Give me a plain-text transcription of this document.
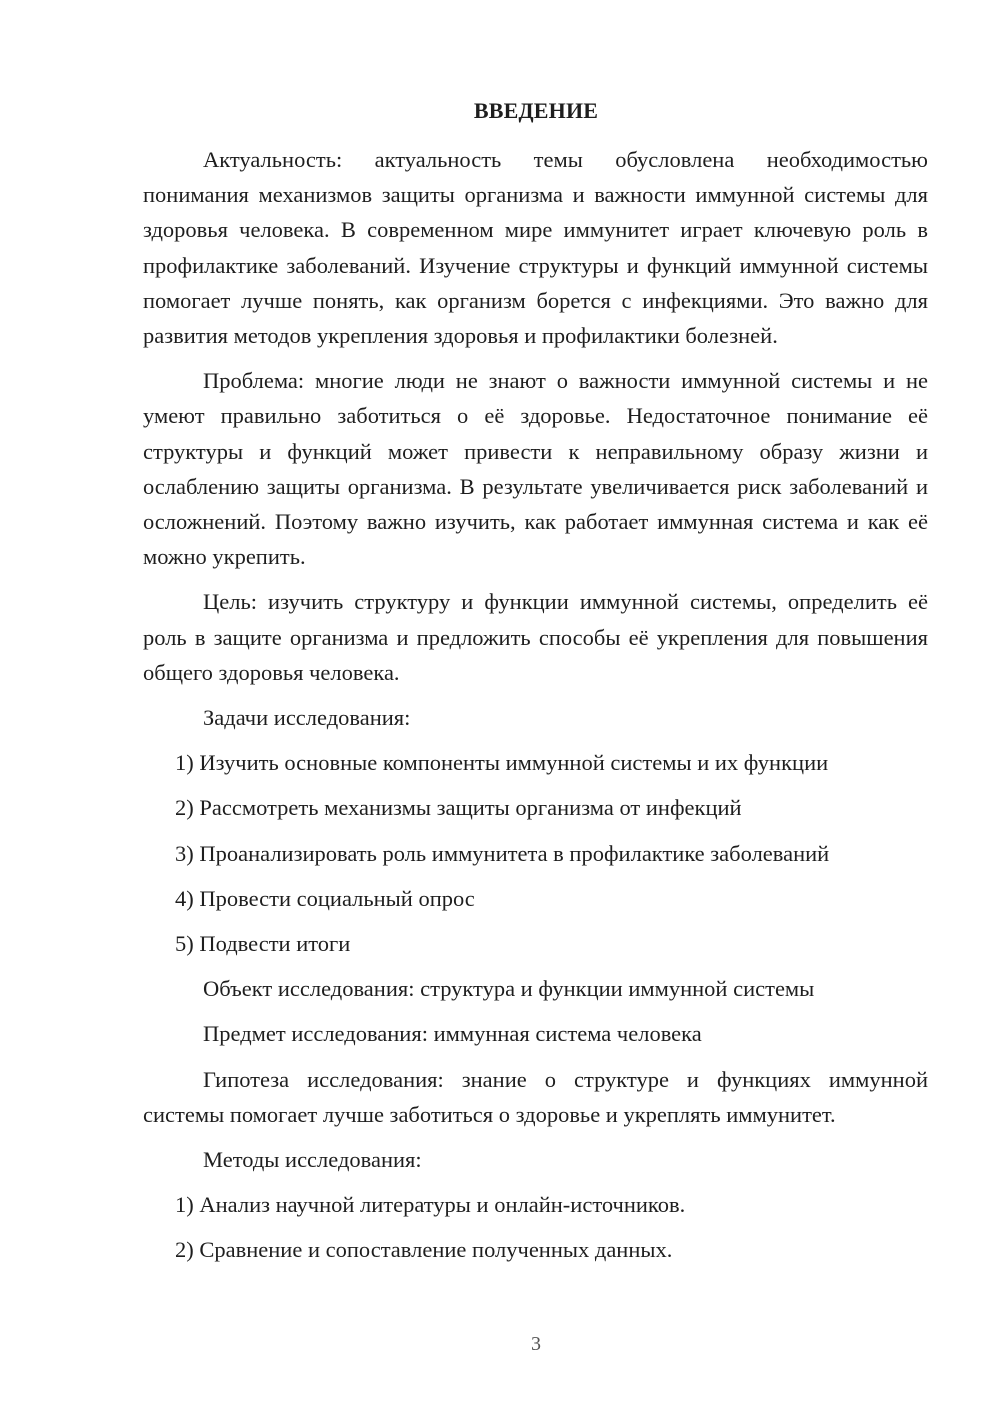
ВВЕДЕНИЕ

Актуальность: актуальность темы обусловлена необходимостью понимания механизмов защиты организма и важности иммунной системы для здоровья человека. В современном мире иммунитет играет ключевую роль в профилактике заболеваний. Изучение структуры и функций иммунной системы помогает лучше понять, как организм борется с инфекциями. Это важно для развития методов укрепления здоровья и профилактики болезней.

Проблема: многие люди не знают о важности иммунной системы и не умеют правильно заботиться о её здоровье. Недостаточное понимание её структуры и функций может привести к неправильному образу жизни и ослаблению защиты организма. В результате увеличивается риск заболеваний и осложнений. Поэтому важно изучить, как работает иммунная система и как её можно укрепить.

Цель: изучить структуру и функции иммунной системы, определить её роль в защите организма и предложить способы её укрепления для повышения общего здоровья человека.

Задачи исследования:

1) Изучить основные компоненты иммунной системы и их функции
2) Рассмотреть механизмы защиты организма от инфекций
3) Проанализировать роль иммунитета в профилактике заболеваний
4) Провести социальный опрос
5) Подвести итоги

Объект исследования: структура и функции иммунной системы

Предмет исследования: иммунная система человека

Гипотеза исследования: знание о структуре и функциях иммунной системы помогает лучше заботиться о здоровье и укреплять иммунитет.

Методы исследования:

1) Анализ научной литературы и онлайн-источников.
2) Сравнение и сопоставление полученных данных.
3
